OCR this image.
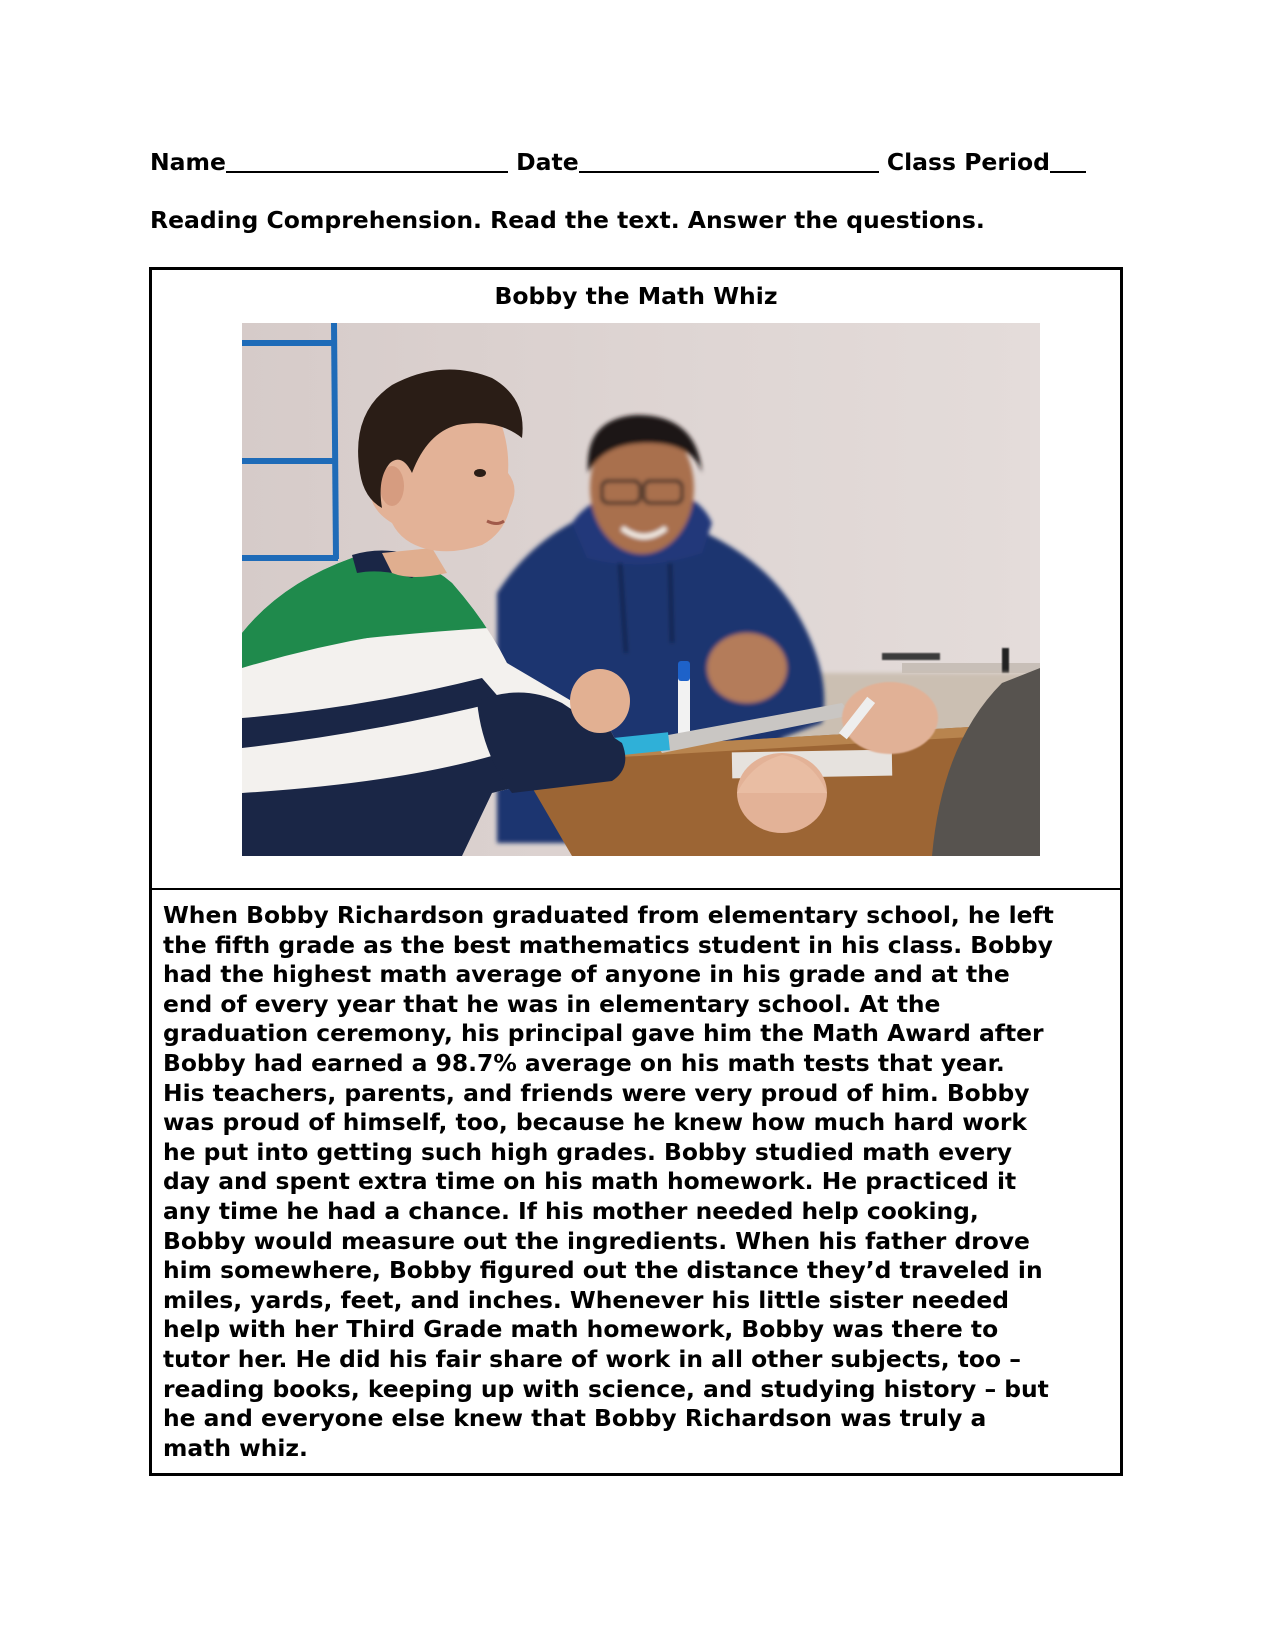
Name	Date	Class Period
Reading Comprehension. Read the text. Answer the questions.
Bobby the Math Whiz
When Bobby Richardson graduated from elementary school, he left
the fifth grade as the best mathematics student in his class. Bobby
had the highest math average of anyone in his grade and at the
end of every year that he was in elementary school. At the
graduation ceremony, his principal gave him the Math Award after
Bobby had earned a 98.7% average on his math tests that year.
His teachers, parents, and friends were very proud of him. Bobby
was proud of himself, too, because he knew how much hard work
he put into getting such high grades. Bobby studied math every
day and spent extra time on his math homework. He practiced it
any time he had a chance. If his mother needed help cooking,
Bobby would measure out the ingredients. When his father drove
him somewhere, Bobby figured out the distance they’d traveled in
miles, yards, feet, and inches. Whenever his little sister needed
help with her Third Grade math homework, Bobby was there to
tutor her. He did his fair share of work in all other subjects, too –
reading books, keeping up with science, and studying history – but
he and everyone else knew that Bobby Richardson was truly a
math whiz.
